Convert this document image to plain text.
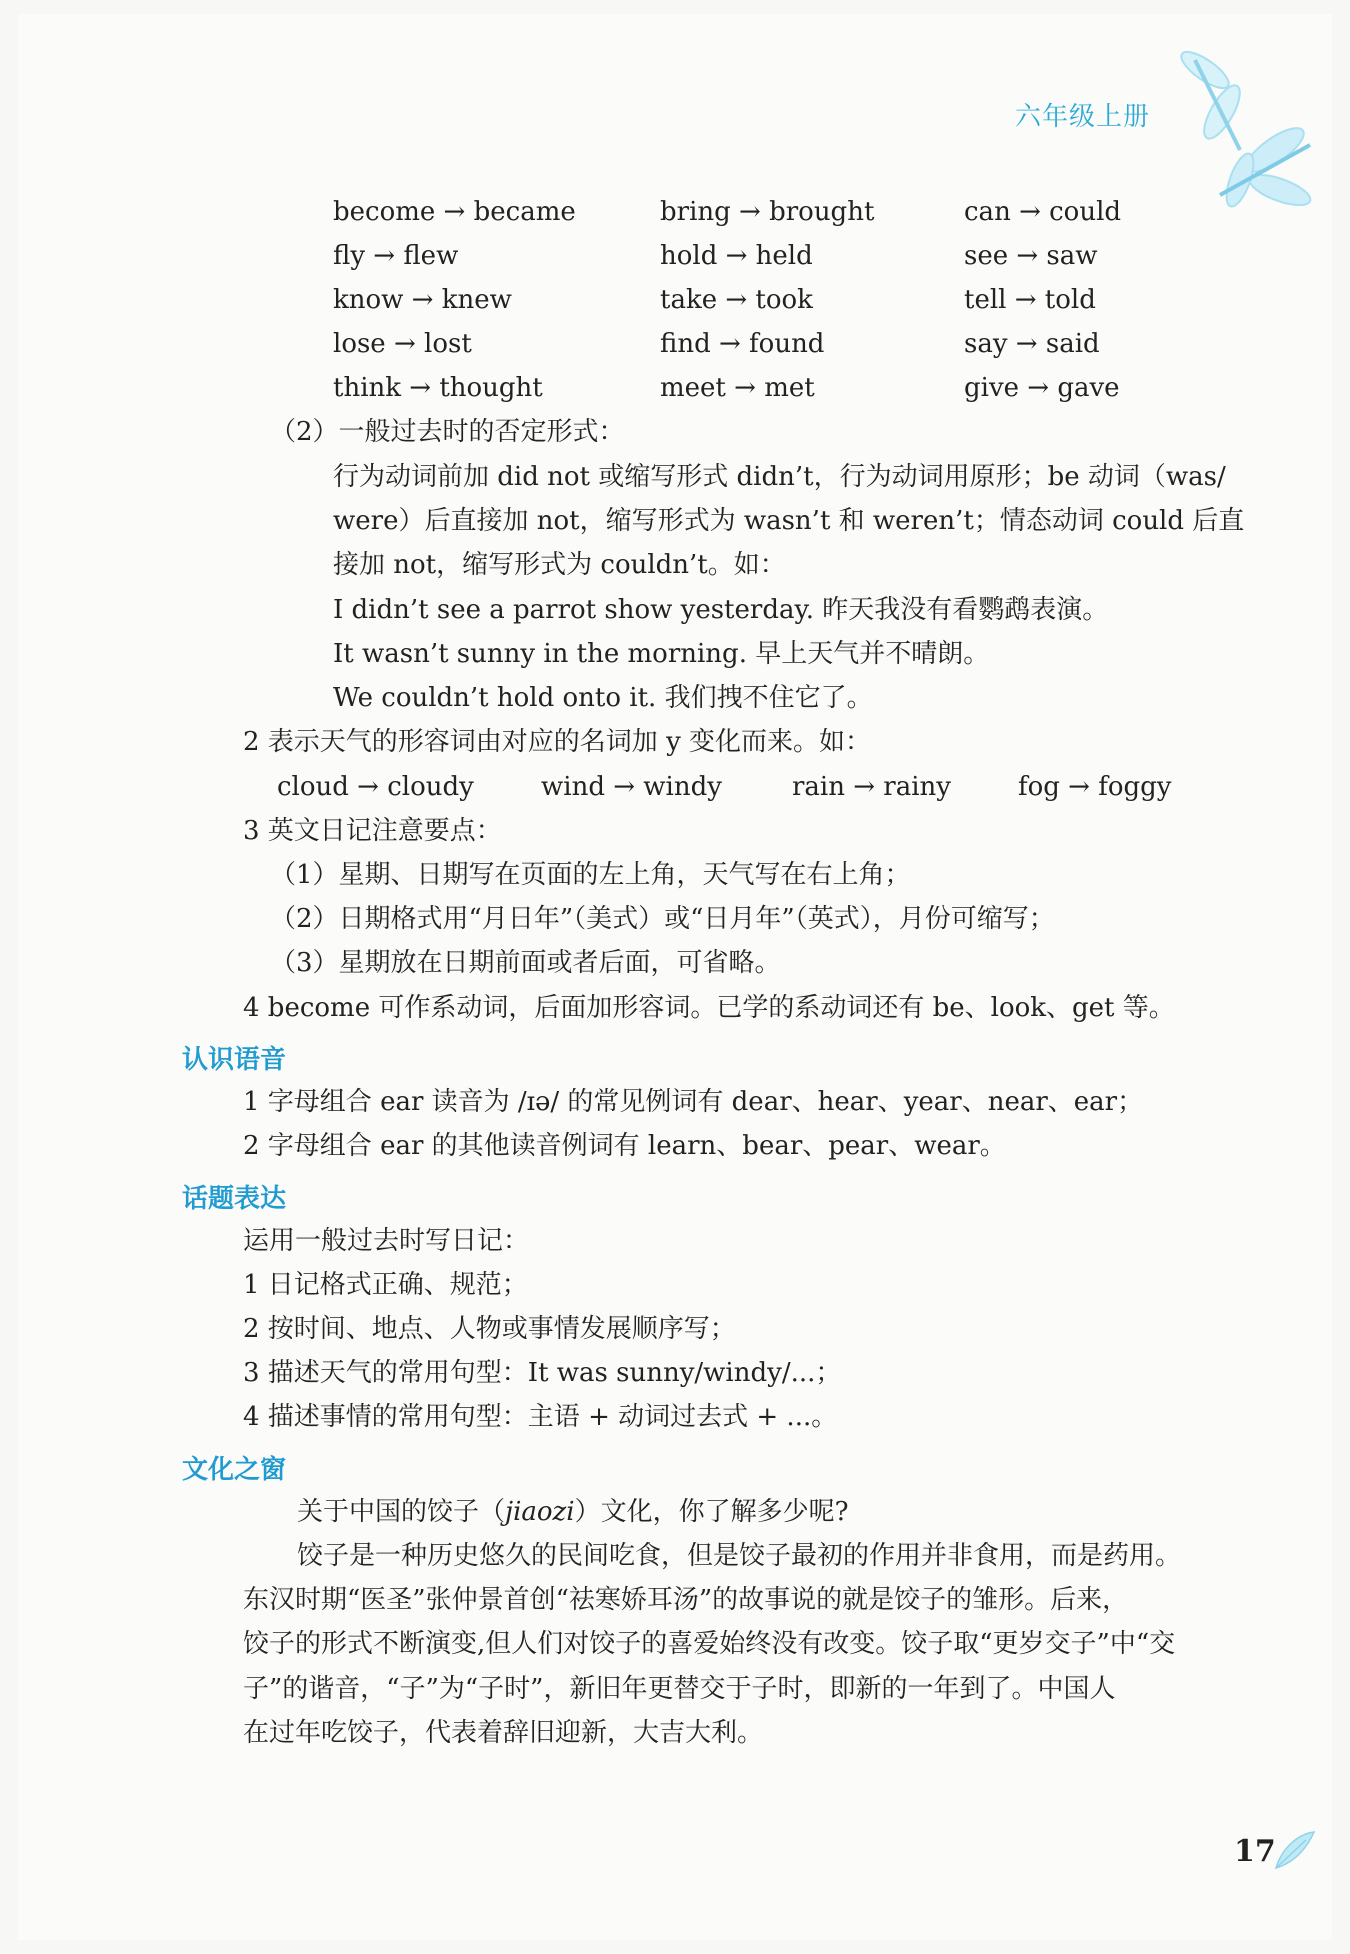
六年级上册
become → became	bring → brought	can → could
fly → flew	hold → held	see → saw
know → knew	take → took	tell → told
lose → lost	find → found	say → said
think → thought	meet → met	give → gave
（2）一般过去时的否定形式：
行为动词前加 did not 或缩写形式 didn’t，行为动词用原形；be 动词（was/
were）后直接加 not，缩写形式为 wasn’t 和 weren’t；情态动词 could 后直
接加 not，缩写形式为 couldn’t。如：
I didn’t see a parrot show yesterday. 昨天我没有看鹦鹉表演。
It wasn’t sunny in the morning. 早上天气并不晴朗。
We couldn’t hold onto it. 我们拽不住它了。
2 表示天气的形容词由对应的名词加 y 变化而来。如：
cloud → cloudy	wind → windy	rain → rainy	fog → foggy
3 英文日记注意要点：
（1）星期、日期写在页面的左上角，天气写在右上角；
（2）日期格式用“月日年”（美式）或“日月年”（英式），月份可缩写；
（3）星期放在日期前面或者后面，可省略。
4 become 可作系动词，后面加形容词。已学的系动词还有 be、look、get 等。
认识语音
1 字母组合 ear 读音为 /ɪə/ 的常见例词有 dear、hear、year、near、ear；
2 字母组合 ear 的其他读音例词有 learn、bear、pear、wear。
话题表达
运用一般过去时写日记：
1 日记格式正确、规范；
2 按时间、地点、人物或事情发展顺序写；
3 描述天气的常用句型：It was sunny/windy/...；
4 描述事情的常用句型：主语 + 动词过去式 + ...。
文化之窗
关于中国的饺子（jiaozi）文化，你了解多少呢?
饺子是一种历史悠久的民间吃食，但是饺子最初的作用并非食用，而是药用。
东汉时期“医圣”张仲景首创“祛寒娇耳汤”的故事说的就是饺子的雏形。后来，
饺子的形式不断演变,但人们对饺子的喜爱始终没有改变。饺子取“更岁交子”中“交
子”的谐音，“子”为“子时”，新旧年更替交于子时，即新的一年到了。中国人
在过年吃饺子，代表着辞旧迎新，大吉大利。
17
